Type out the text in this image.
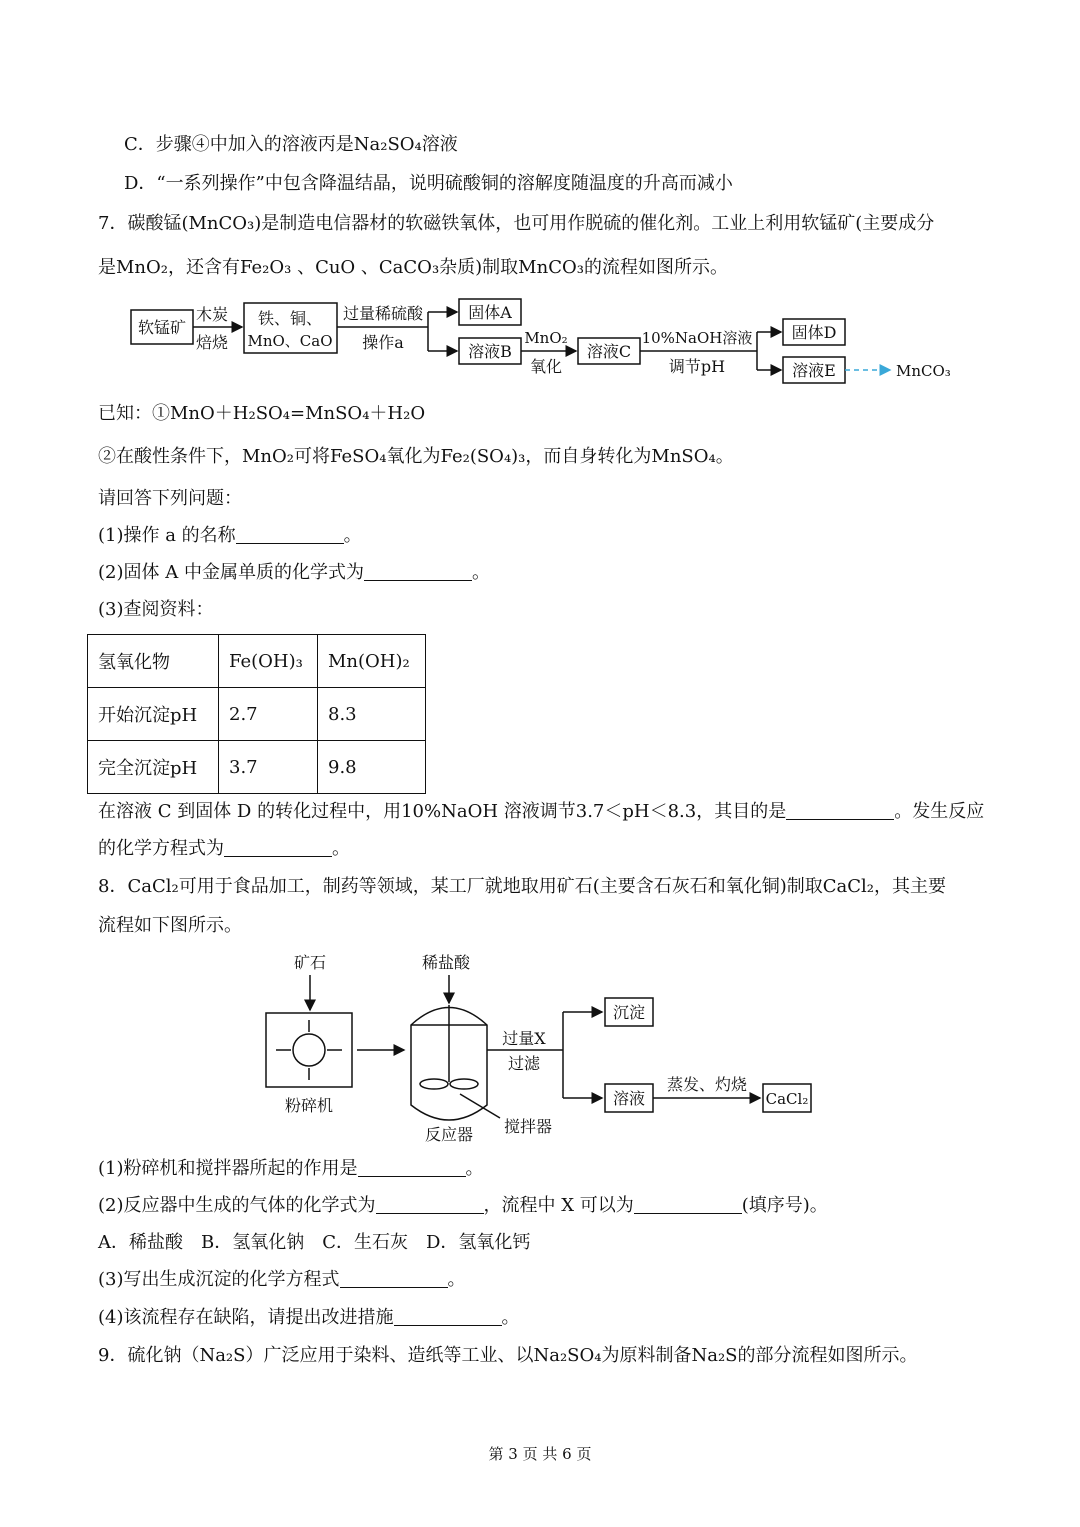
C．步骤④中加入的溶液丙是Na₂SO₄溶液
D．“一系列操作”中包含降温结晶，说明硫酸铜的溶解度随温度的升高而减小
7．碳酸锰(MnCO₃)是制造电信器材的软磁铁氧体，也可用作脱硫的催化剂。工业上利用软锰矿(主要成分
是MnO₂，还含有Fe₂O₃ 、CuO 、CaCO₃杂质)制取MnCO₃的流程如图所示。
软锰矿
木炭
焙烧
铁、铜、
MnO、CaO
过量稀硫酸
操作a
固体A
溶液B
MnO₂
氧化
溶液C
10%NaOH溶液
调节pH
固体D
溶液E	MnCO₃
已知：①MnO＋H₂SO₄=MnSO₄＋H₂O
②在酸性条件下，MnO₂可将FeSO₄氧化为Fe₂(SO₄)₃，而自身转化为MnSO₄。
请回答下列问题：
(1)操作 a 的名称	。
(2)固体 A 中金属单质的化学式为	。
(3)查阅资料：
氢氧化物	Fe(OH)₃	Mn(OH)₂
开始沉淀pH	2.7	8.3
完全沉淀pH	3.7	9.8
在溶液 C 到固体 D 的转化过程中，用10%NaOH 溶液调节3.7＜pH＜8.3，其目的是	。发生反应
的化学方程式为	。
8．CaCl₂可用于食品加工，制药等领域，某工厂就地取用矿石(主要含石灰石和氧化铜)制取CaCl₂，其主要
流程如下图所示。
矿石	稀盐酸
粉碎机
反应器 搅拌器
过量X
过滤
沉淀
溶液
蒸发、灼烧
CaCl₂
(1)粉碎机和搅拌器所起的作用是	。
(2)反应器中生成的气体的化学式为	，流程中 X 可以为	(填序号)。
A．稀盐酸　B．氢氧化钠　C．生石灰　D．氢氧化钙
(3)写出生成沉淀的化学方程式	。
(4)该流程存在缺陷，请提出改进措施	。
9．硫化钠（Na₂S）广泛应用于染料、造纸等工业、以Na₂SO₄为原料制备Na₂S的部分流程如图所示。
第 3 页 共 6 页
